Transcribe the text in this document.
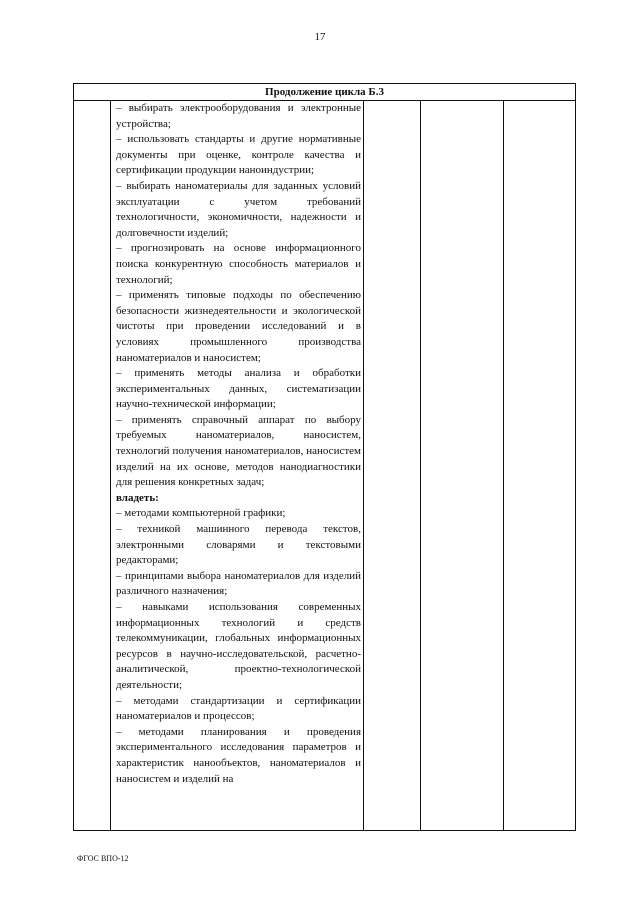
17
Продолжение цикла Б.3

– выбирать электрооборудования и электронные устройства;

– использовать стандарты и другие нормативные документы при оценке, контроле качества и сертификации продукции наноиндустрии;

– выбирать наноматериалы для заданных условий эксплуатации с учетом требований технологичности, экономичности, надежности и долговечности изделий;

– прогнозировать на основе информационного поиска конкурентную способность материалов и технологий;

– применять типовые подходы по обеспечению безопасности жизнедеятельности и экологической чистоты при проведении исследований и в условиях промышленного производства наноматериалов и наносистем;

– применять методы анализа и обработки экспериментальных данных, систематизации научно-технической информации;

– применять справочный аппарат по выбору требуемых наноматериалов, наносистем, технологий получения наноматериалов, наносистем изделий на их основе, методов нанодиагностики для решения конкретных задач;

владеть:

– методами компьютерной графики;

– техникой машинного перевода текстов, электронными словарями и текстовыми редакторами;

– принципами выбора наноматериалов для изделий различного назначения;

– навыками использования современных информационных технологий и средств телекоммуникации, глобальных информационных ресурсов в научно-исследовательской, расчетно-аналитической, проектно-технологической деятельности;

– методами стандартизации и сертификации наноматериалов и процессов;

– методами планирования и проведения экспериментального исследования параметров и характеристик нанообъектов, наноматериалов и наносистем и изделий на

ФГОС ВПО-12
